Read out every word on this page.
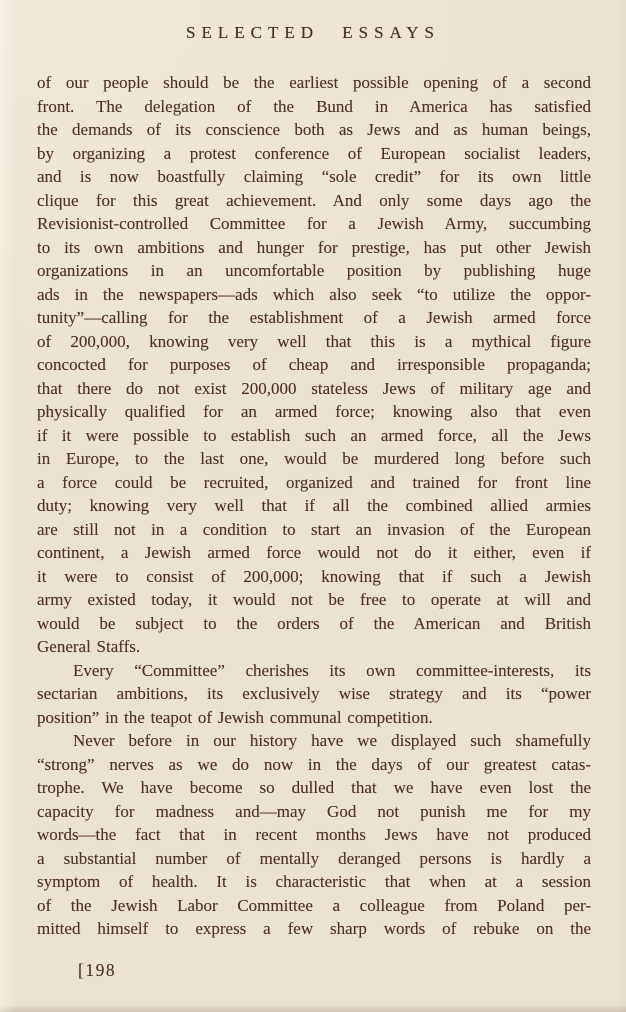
SELECTED ESSAYS
of our people should be the earliest possible opening of a second
front. The delegation of the Bund in America has satisfied
the demands of its conscience both as Jews and as human beings,
by organizing a protest conference of European socialist leaders,
and is now boastfully claiming “sole credit” for its own little
clique for this great achievement. And only some days ago the
Revisionist-controlled Committee for a Jewish Army, succumbing
to its own ambitions and hunger for prestige, has put other Jewish
organizations in an uncomfortable position by publishing huge
ads in the newspapers—ads which also seek “to utilize the oppor-
tunity”—calling for the establishment of a Jewish armed force
of 200,000, knowing very well that this is a mythical figure
concocted for purposes of cheap and irresponsible propaganda;
that there do not exist 200,000 stateless Jews of military age and
physically qualified for an armed force; knowing also that even
if it were possible to establish such an armed force, all the Jews
in Europe, to the last one, would be murdered long before such
a force could be recruited, organized and trained for front line
duty; knowing very well that if all the combined allied armies
are still not in a condition to start an invasion of the European
continent, a Jewish armed force would not do it either, even if
it were to consist of 200,000; knowing that if such a Jewish
army existed today, it would not be free to operate at will and
would be subject to the orders of the American and British
General Staffs.
Every “Committee” cherishes its own committee-interests, its
sectarian ambitions, its exclusively wise strategy and its “power
position” in the teapot of Jewish communal competition.
Never before in our history have we displayed such shamefully
“strong” nerves as we do now in the days of our greatest catas-
trophe. We have become so dulled that we have even lost the
capacity for madness and—may God not punish me for my
words—the fact that in recent months Jews have not produced
a substantial number of mentally deranged persons is hardly a
symptom of health. It is characteristic that when at a session
of the Jewish Labor Committee a colleague from Poland per-
mitted himself to express a few sharp words of rebuke on the
[198
